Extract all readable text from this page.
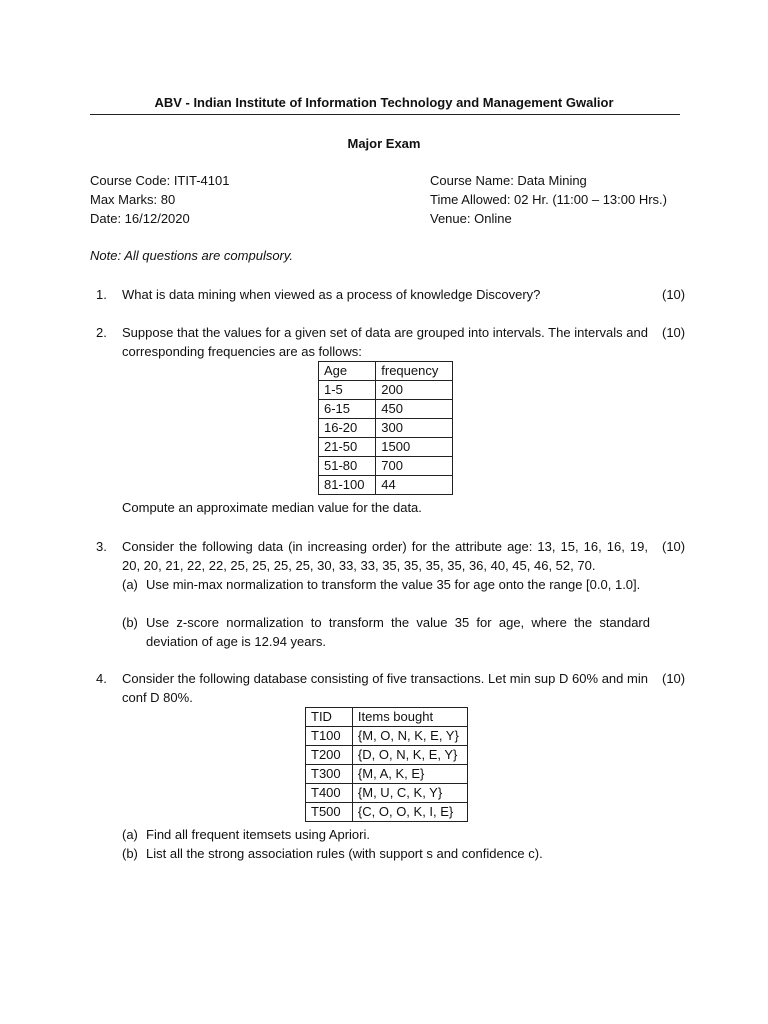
ABV - Indian Institute of Information Technology and Management Gwalior
Major Exam
Course Code: ITIT-4101
Max Marks: 80
Date: 16/12/2020
Course Name: Data Mining
Time Allowed: 02 Hr. (11:00 – 13:00 Hrs.)
Venue: Online
Note: All questions are compulsory.
1.	What is data mining when viewed as a process of knowledge Discovery?	(10)
2.	Suppose that the values for a given set of data are grouped into intervals. The intervals and corresponding frequencies are as follows:
(10)
Age	frequency
1-5	200
6-15	450
16-20	300
21-50	1500
51-80	700
81-100	44
Compute an approximate median value for the data.
3.	Consider the following data (in increasing order) for the attribute age: 13, 15, 16, 16, 19, 20, 20, 21, 22, 22, 25, 25, 25, 25, 30, 33, 33, 35, 35, 35, 35, 36, 40, 45, 46, 52, 70.
(10)
(a) Use min-max normalization to transform the value 35 for age onto the range [0.0, 1.0].
(b) Use z-score normalization to transform the value 35 for age, where the standard deviation of age is 12.94 years.
4.	Consider the following database consisting of five transactions. Let min sup D 60% and min conf D 80%.
(10)
TID	Items bought
T100	{M, O, N, K, E, Y}
T200	{D, O, N, K, E, Y}
T300	{M, A, K, E}
T400	{M, U, C, K, Y}
T500	{C, O, O, K, I, E}
(a) Find all frequent itemsets using Apriori.
(b) List all the strong association rules (with support s and confidence c).
